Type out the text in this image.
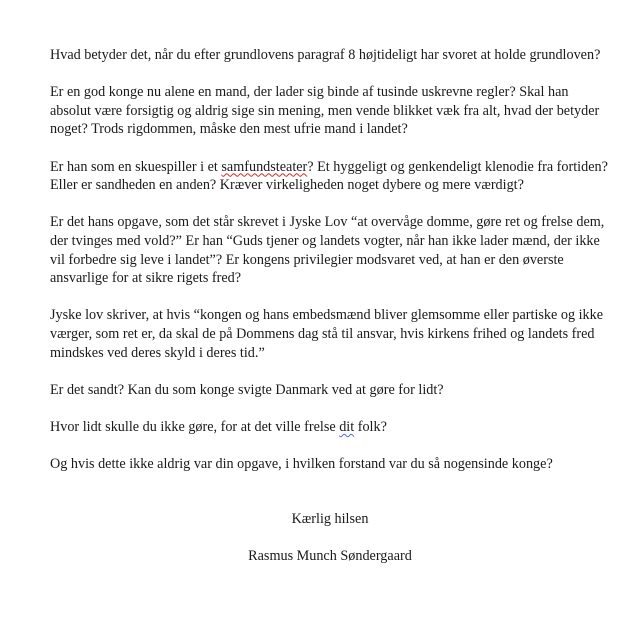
Hvad betyder det, når du efter grundlovens paragraf 8 højtideligt har svoret at holde grundloven?

Er en god konge nu alene en mand, der lader sig binde af tusinde uskrevne regler? Skal han absolut være forsigtig og aldrig sige sin mening, men vende blikket væk fra alt, hvad der betyder noget? Trods rigdommen, måske den mest ufrie mand i landet?

Er han som en skuespiller i et samfundsteater? Et hyggeligt og genkendeligt klenodie fra fortiden?

Eller er sandheden en anden? Kræver virkeligheden noget dybere og mere værdigt?

Er det hans opgave, som det står skrevet i Jyske Lov “at overvåge domme, gøre ret og frelse dem, der tvinges med vold?” Er han “Guds tjener og landets vogter, når han ikke lader mænd, der ikke vil forbedre sig leve i landet”? Er kongens privilegier modsvaret ved, at han er den øverste ansvarlige for at sikre rigets fred?

Jyske lov skriver, at hvis “kongen og hans embedsmænd bliver glemsomme eller partiske og ikke værger, som ret er, da skal de på Dommens dag stå til ansvar, hvis kirkens frihed og landets fred mindskes ved deres skyld i deres tid.”

Er det sandt? Kan du som konge svigte Danmark ved at gøre for lidt?

Hvor lidt skulle du ikke gøre, for at det ville frelse dit folk?

Og hvis dette ikke aldrig var din opgave, i hvilken forstand var du så nogensinde konge?

Kærlig hilsen
Rasmus Munch Søndergaard
